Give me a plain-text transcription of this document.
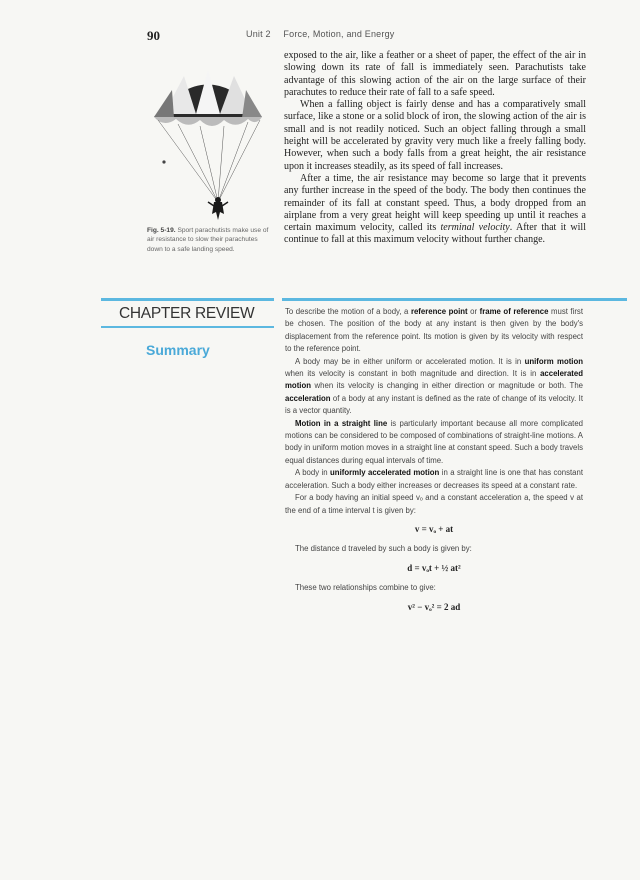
90	Unit 2 Force, Motion, and Energy
Fig. 5-19. Sport parachutists make use of air resistance to slow their parachutes down to a safe landing speed.

exposed to the air, like a feather or a sheet of paper, the effect of the air in slowing down its rate of fall is immediately seen. Parachutists take advantage of this slowing action of the air on the large surface of their parachutes to reduce their rate of fall to a safe speed.

When a falling object is fairly dense and has a comparatively small surface, like a stone or a solid block of iron, the slowing action of the air is small and is not readily noticed. Such an object falling through a small height will be accelerated by gravity very much like a freely falling body. However, when such a body falls from a great height, the air resistance upon it increases steadily, as its speed of fall increases.

After a time, the air resistance may become so large that it prevents any further increase in the speed of the body. The body then continues the remainder of its fall at constant speed. Thus, a body dropped from an airplane from a very great height will keep speeding up until it reaches a certain maximum velocity, called its terminal velocity. After that it will continue to fall at this maximum velocity without further change.

CHAPTER REVIEW
Summary

To describe the motion of a body, a reference point or frame of reference must first be chosen. The position of the body at any instant is then given by the body's displacement from the reference point. Its motion is given by its velocity with respect to the reference point.

A body may be in either uniform or accelerated motion. It is in uniform motion when its velocity is constant in both magnitude and direction. It is in accelerated motion when its velocity is changing in either direction or magnitude or both. The acceleration of a body at any instant is defined as the rate of change of its velocity. It is a vector quantity.

Motion in a straight line is particularly important because all more complicated motions can be considered to be composed of combinations of straight-line motions. A body in uniform motion moves in a straight line at constant speed. Such a body travels equal distances during equal intervals of time.

A body in uniformly accelerated motion in a straight line is one that has constant acceleration. Such a body either increases or decreases its speed at a constant rate.

For a body having an initial speed vₒ and a constant acceleration a, the speed v at the end of a time interval t is given by:

v = vₒ + at

The distance d traveled by such a body is given by:

d = vₒt + ½ at²

These two relationships combine to give:

v² − vₒ² = 2 ad
